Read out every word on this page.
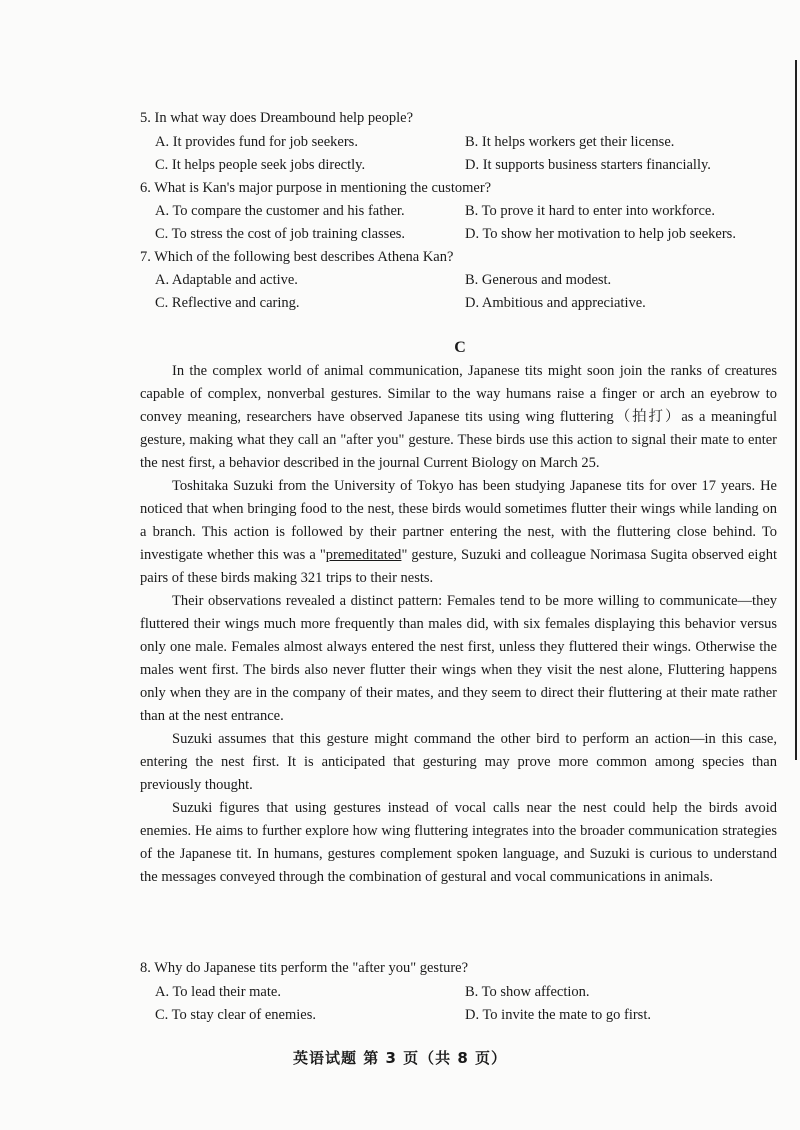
5. In what way does Dreambound help people?
A. It provides fund for job seekers.	B. It helps workers get their license.
C. It helps people seek jobs directly.	D. It supports business starters financially.
6. What is Kan's major purpose in mentioning the customer?
A. To compare the customer and his father.	B. To prove it hard to enter into workforce.
C. To stress the cost of job training classes.	D. To show her motivation to help job seekers.
7. Which of the following best describes Athena Kan?
A. Adaptable and active.	B. Generous and modest.
C. Reflective and caring.	D. Ambitious and appreciative.
C

In the complex world of animal communication, Japanese tits might soon join the ranks of creatures capable of complex, nonverbal gestures. Similar to the way humans raise a finger or arch an eyebrow to convey meaning, researchers have observed Japanese tits using wing fluttering（拍打）as a meaningful gesture, making what they call an "after you" gesture. These birds use this action to signal their mate to enter the nest first, a behavior described in the journal Current Biology on March 25.

Toshitaka Suzuki from the University of Tokyo has been studying Japanese tits for over 17 years. He noticed that when bringing food to the nest, these birds would sometimes flutter their wings while landing on a branch. This action is followed by their partner entering the nest, with the fluttering close behind. To investigate whether this was a "premeditated" gesture, Suzuki and colleague Norimasa Sugita observed eight pairs of these birds making 321 trips to their nests.

Their observations revealed a distinct pattern: Females tend to be more willing to communicate—they fluttered their wings much more frequently than males did, with six females displaying this behavior versus only one male. Females almost always entered the nest first, unless they fluttered their wings. Otherwise the males went first. The birds also never flutter their wings when they visit the nest alone, Fluttering happens only when they are in the company of their mates, and they seem to direct their fluttering at their mate rather than at the nest entrance.

Suzuki assumes that this gesture might command the other bird to perform an action—in this case, entering the nest first. It is anticipated that gesturing may prove more common among species than previously thought.

Suzuki figures that using gestures instead of vocal calls near the nest could help the birds avoid enemies. He aims to further explore how wing fluttering integrates into the broader communication strategies of the Japanese tit. In humans, gestures complement spoken language, and Suzuki is curious to understand the messages conveyed through the combination of gestural and vocal communications in animals.

8. Why do Japanese tits perform the "after you" gesture?
A. To lead their mate.	B. To show affection.
C. To stay clear of enemies.	D. To invite the mate to go first.
英语试题 第 3 页（共 8 页）
